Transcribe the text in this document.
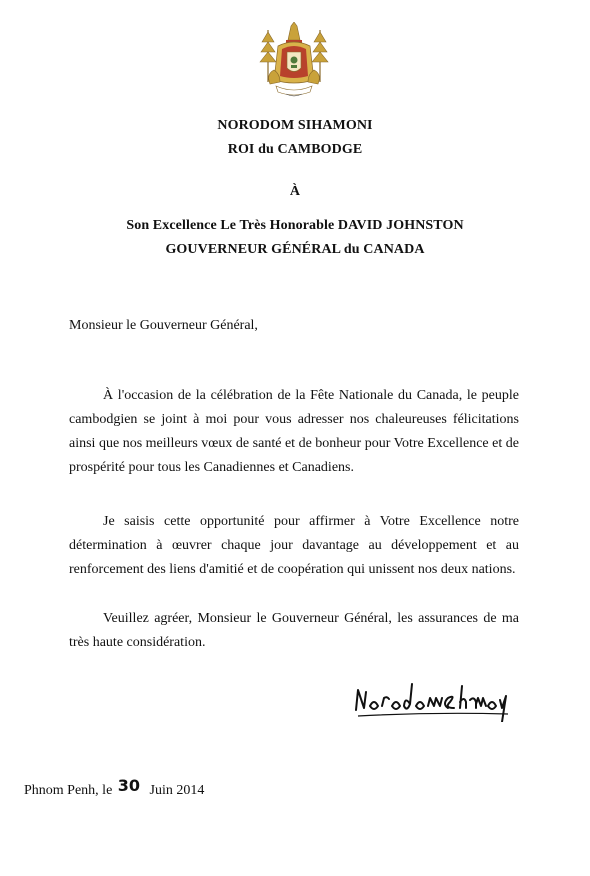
NORODOM SIHAMONI
ROI du CAMBODGE
À
Son Excellence Le Très Honorable DAVID JOHNSTON
GOUVERNEUR GÉNÉRAL du CANADA
Monsieur le Gouverneur Général,

À l'occasion de la célébration de la Fête Nationale du Canada, le peuple cambodgien se joint à moi pour vous adresser nos chaleureuses félicitations ainsi que nos meilleurs vœux de santé et de bonheur pour Votre Excellence et de prospérité pour tous les Canadiennes et Canadiens.

Je saisis cette opportunité pour affirmer à Votre Excellence notre détermination à œuvrer chaque jour davantage au développement et au renforcement des liens d'amitié et de coopération qui unissent nos deux nations.

Veuillez agréer, Monsieur le Gouverneur Général, les assurances de ma très haute considération.

Phnom Penh, le 30 Juin 2014
